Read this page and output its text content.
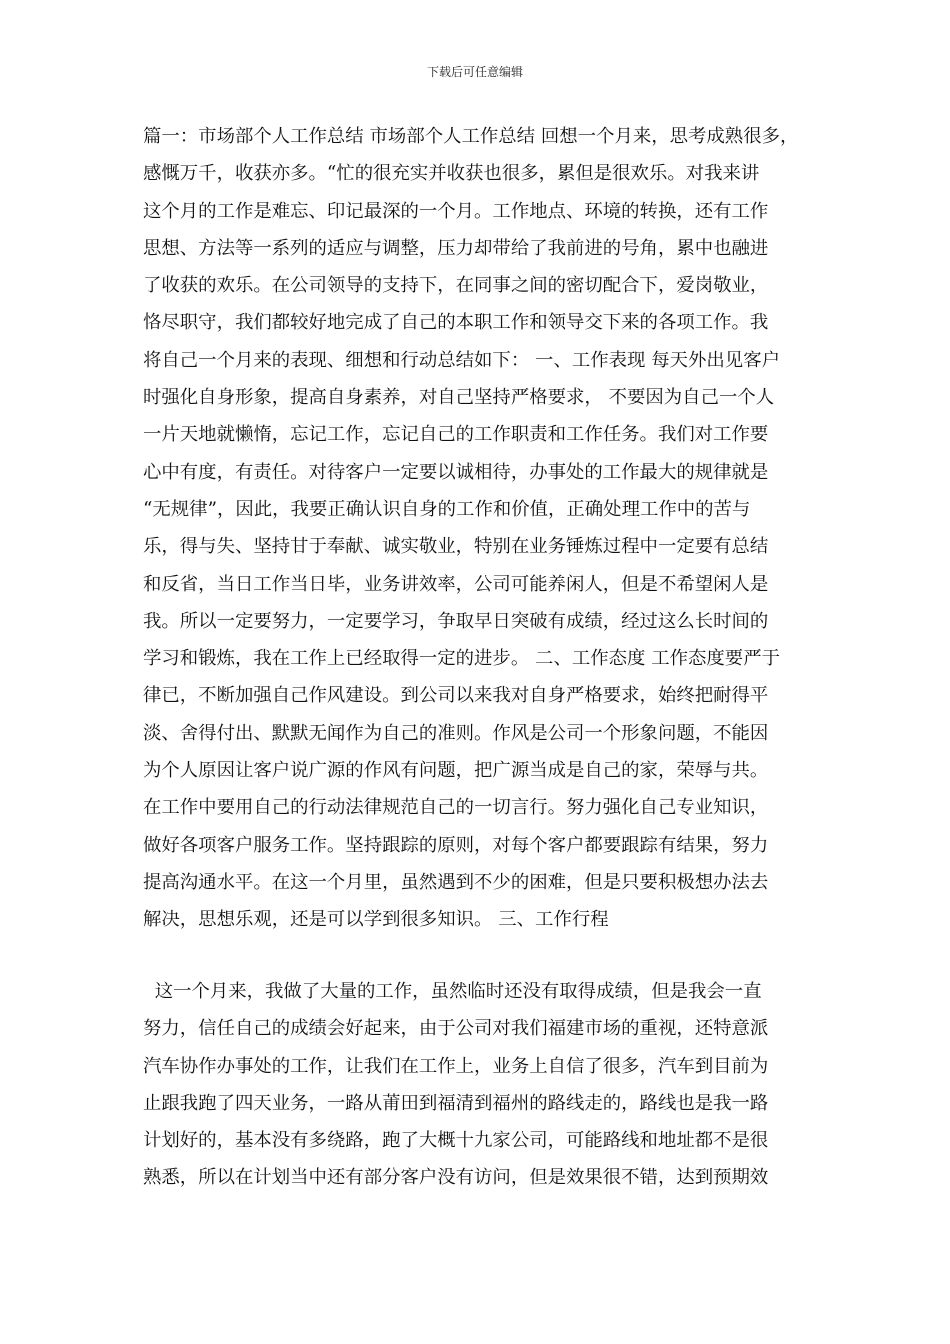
下载后可任意编辑
篇一：市场部个人工作总结 市场部个人工作总结 回想一个月来，思考成熟很多，
感慨万千，收获亦多。“忙的很充实并收获也很多，累但是很欢乐。对我来讲
这个月的工作是难忘、印记最深的一个月。工作地点、环境的转换，还有工作
思想、方法等一系列的适应与调整，压力却带给了我前进的号角，累中也融进
了收获的欢乐。在公司领导的支持下，在同事之间的密切配合下，爱岗敬业，
恪尽职守，我们都较好地完成了自己的本职工作和领导交下来的各项工作。我
将自己一个月来的表现、细想和行动总结如下： 一、工作表现 每天外出见客户
时强化自身形象，提高自身素养，对自己坚持严格要求， 不要因为自己一个人
一片天地就懒惰，忘记工作，忘记自己的工作职责和工作任务。我们对工作要
心中有度，有责任。对待客户一定要以诚相待，办事处的工作最大的规律就是
“无规律”，因此，我要正确认识自身的工作和价值，正确处理工作中的苦与
乐，得与失、坚持甘于奉献、诚实敬业，特别在业务锤炼过程中一定要有总结
和反省，当日工作当日毕，业务讲效率，公司可能养闲人，但是不希望闲人是
我。所以一定要努力，一定要学习，争取早日突破有成绩，经过这么长时间的
学习和锻炼，我在工作上已经取得一定的进步。 二、工作态度 工作态度要严于
律已，不断加强自己作风建设。到公司以来我对自身严格要求，始终把耐得平
淡、舍得付出、默默无闻作为自己的准则。作风是公司一个形象问题，不能因
为个人原因让客户说广源的作风有问题，把广源当成是自己的家，荣辱与共。
在工作中要用自己的行动法律规范自己的一切言行。努力强化自己专业知识，
做好各项客户服务工作。坚持跟踪的原则，对每个客户都要跟踪有结果，努力
提高沟通水平。在这一个月里，虽然遇到不少的困难，但是只要积极想办法去
解决，思想乐观，还是可以学到很多知识。 三、工作行程
这一个月来，我做了大量的工作，虽然临时还没有取得成绩，但是我会一直
努力，信任自己的成绩会好起来，由于公司对我们福建市场的重视，还特意派
汽车协作办事处的工作，让我们在工作上，业务上自信了很多，汽车到目前为
止跟我跑了四天业务，一路从莆田到福清到福州的路线走的，路线也是我一路
计划好的，基本没有多绕路，跑了大概十九家公司，可能路线和地址都不是很
熟悉，所以在计划当中还有部分客户没有访问，但是效果很不错，达到预期效
